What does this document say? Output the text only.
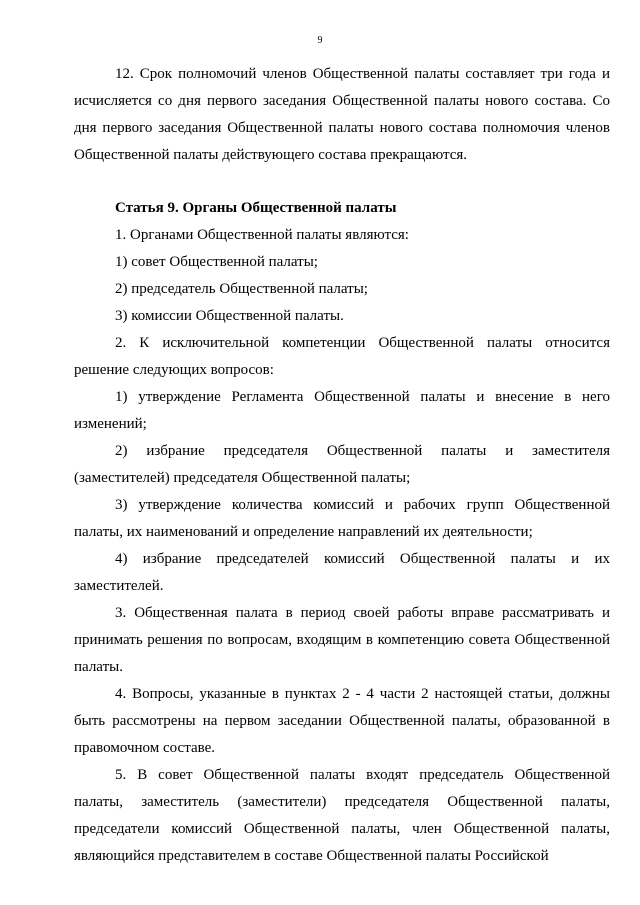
9

12. Срок полномочий членов Общественной палаты составляет три года и исчисляется со дня первого заседания Общественной палаты нового состава. Со дня первого заседания Общественной палаты нового состава полномочия членов Общественной палаты действующего состава прекращаются.

Статья 9. Органы Общественной палаты

1. Органами Общественной палаты являются:

1) совет Общественной палаты;

2) председатель Общественной палаты;

3) комиссии Общественной палаты.

2. К исключительной компетенции Общественной палаты относится решение следующих вопросов:

1) утверждение Регламента Общественной палаты и внесение в него изменений;

2) избрание председателя Общественной палаты и заместителя (заместителей) председателя Общественной палаты;

3) утверждение количества комиссий и рабочих групп Общественной палаты, их наименований и определение направлений их деятельности;

4) избрание председателей комиссий Общественной палаты и их заместителей.

3. Общественная палата в период своей работы вправе рассматривать и принимать решения по вопросам, входящим в компетенцию совета Общественной палаты.

4. Вопросы, указанные в пунктах 2 - 4 части 2 настоящей статьи, должны быть рассмотрены на первом заседании Общественной палаты, образованной в правомочном составе.

5. В совет Общественной палаты входят председатель Общественной палаты, заместитель (заместители) председателя Общественной палаты, председатели комиссий Общественной палаты, член Общественной палаты, являющийся представителем в составе Общественной палаты Российской
